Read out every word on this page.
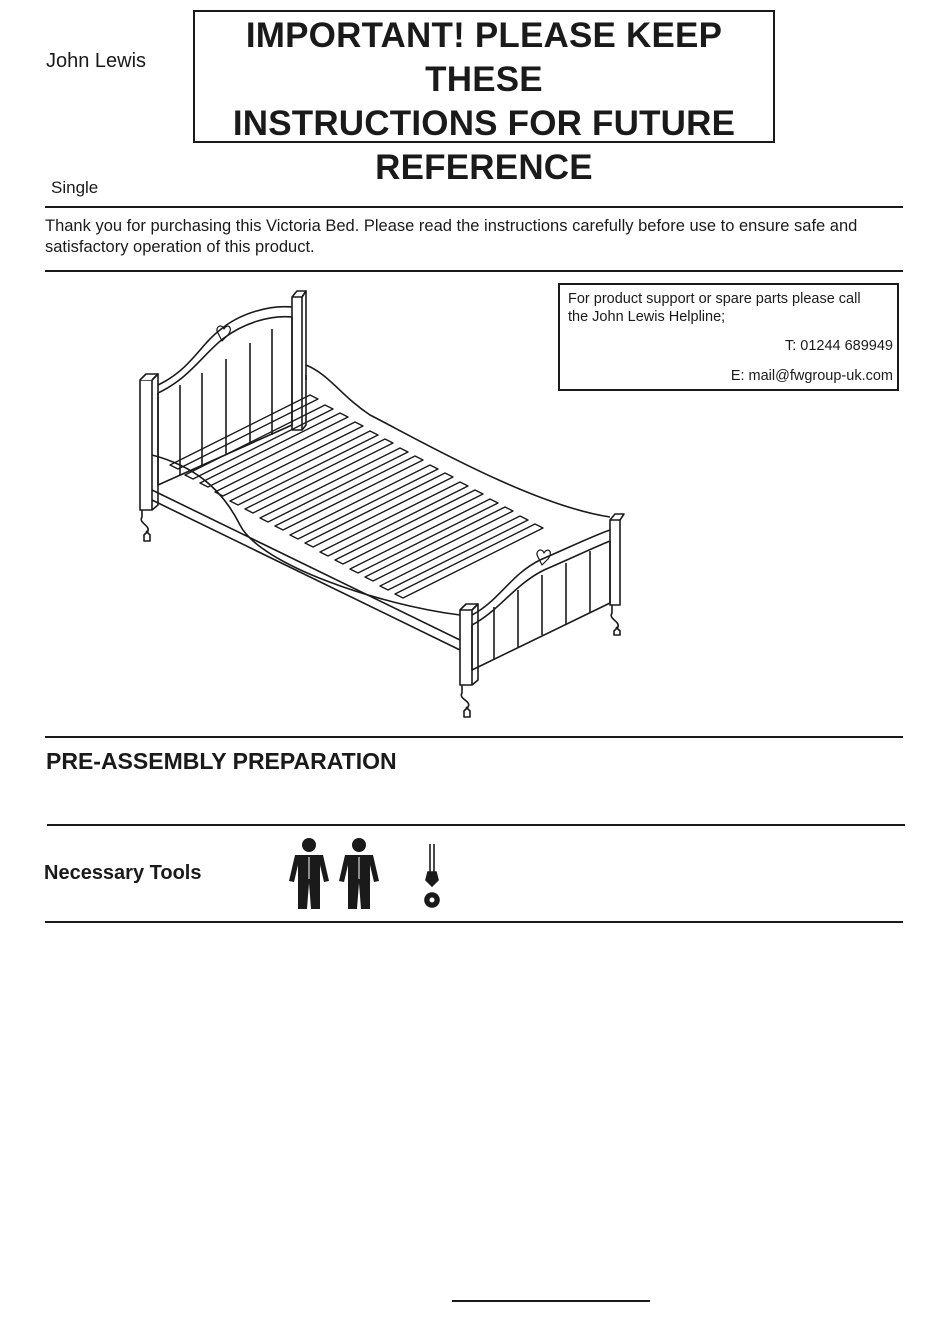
John Lewis
IMPORTANT! PLEASE KEEP THESE
INSTRUCTIONS FOR FUTURE
REFERENCE
Single
Thank you for purchasing this Victoria Bed. Please read the instructions carefully before use to ensure safe and satisfactory operation of this product.
For product support or spare parts please call
the John Lewis Helpline;
T: 01244 689949
E: mail@fwgroup-uk.com
PRE-ASSEMBLY PREPARATION
Necessary Tools
